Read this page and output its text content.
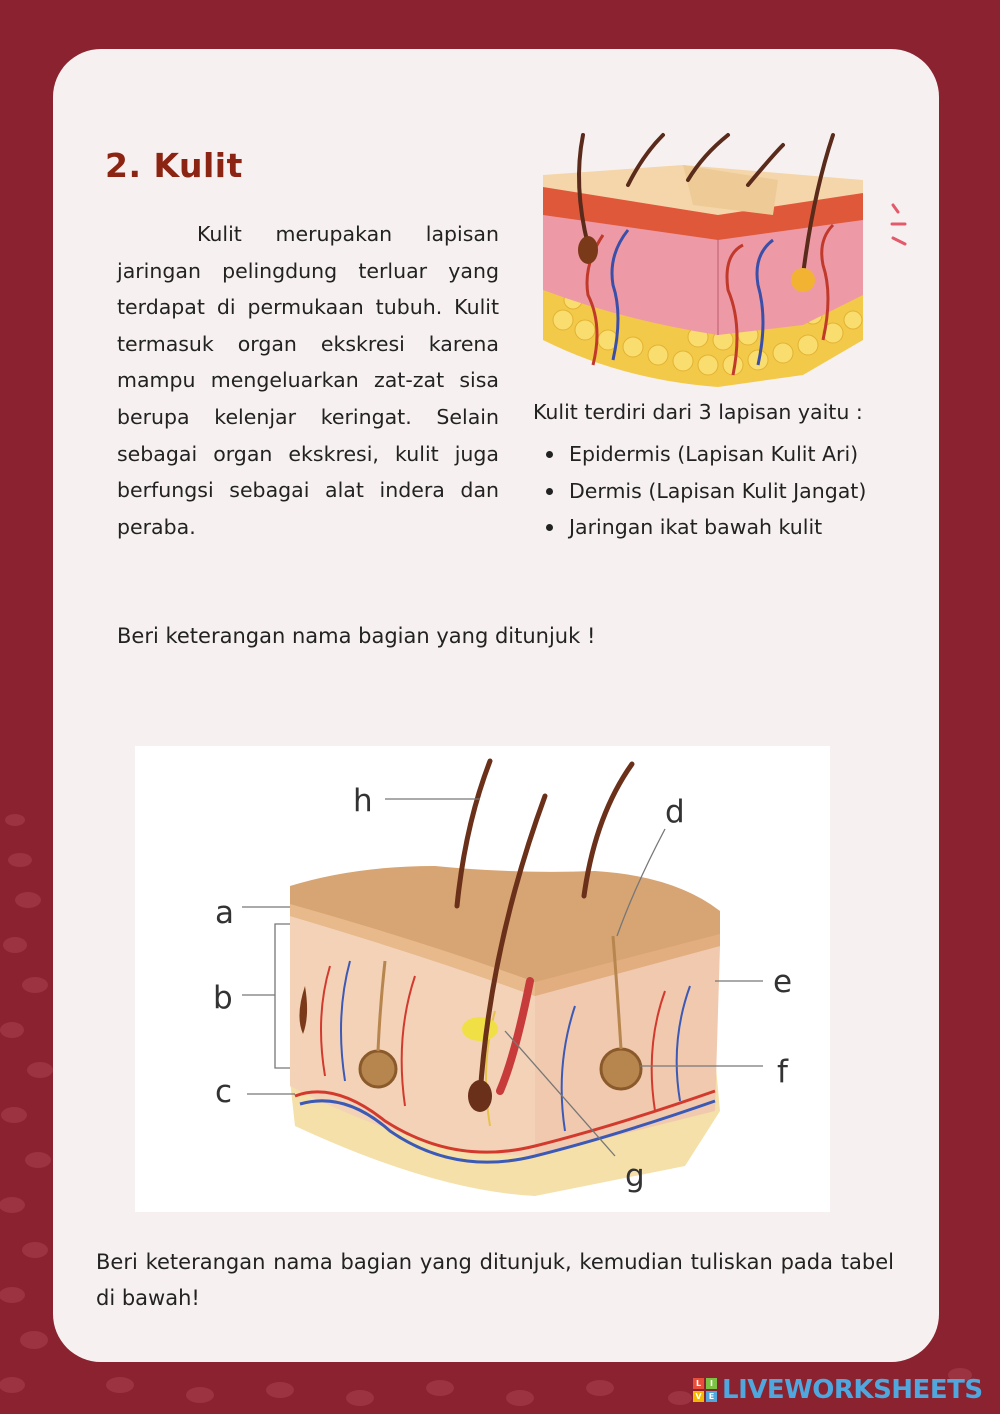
2. Kulit
Kulit merupakan lapisan jaringan pelingdung terluar yang terdapat di permukaan tubuh. Kulit termasuk organ ekskresi karena mampu mengeluarkan zat-zat sisa berupa kelenjar keringat. Selain sebagai organ ekskresi, kulit juga berfungsi sebagai alat indera dan peraba.
Kulit terdiri dari 3 lapisan yaitu :
Epidermis (Lapisan Kulit Ari)
Dermis (Lapisan Kulit Jangat)
Jaringan ikat bawah kulit
Beri keterangan nama bagian yang ditunjuk !
h	d
a
b
c
e
f
g
Beri keterangan nama bagian yang ditunjuk, kemudian tuliskan pada tabel di bawah!
L	I
V E LIVEWORKSHEETS
